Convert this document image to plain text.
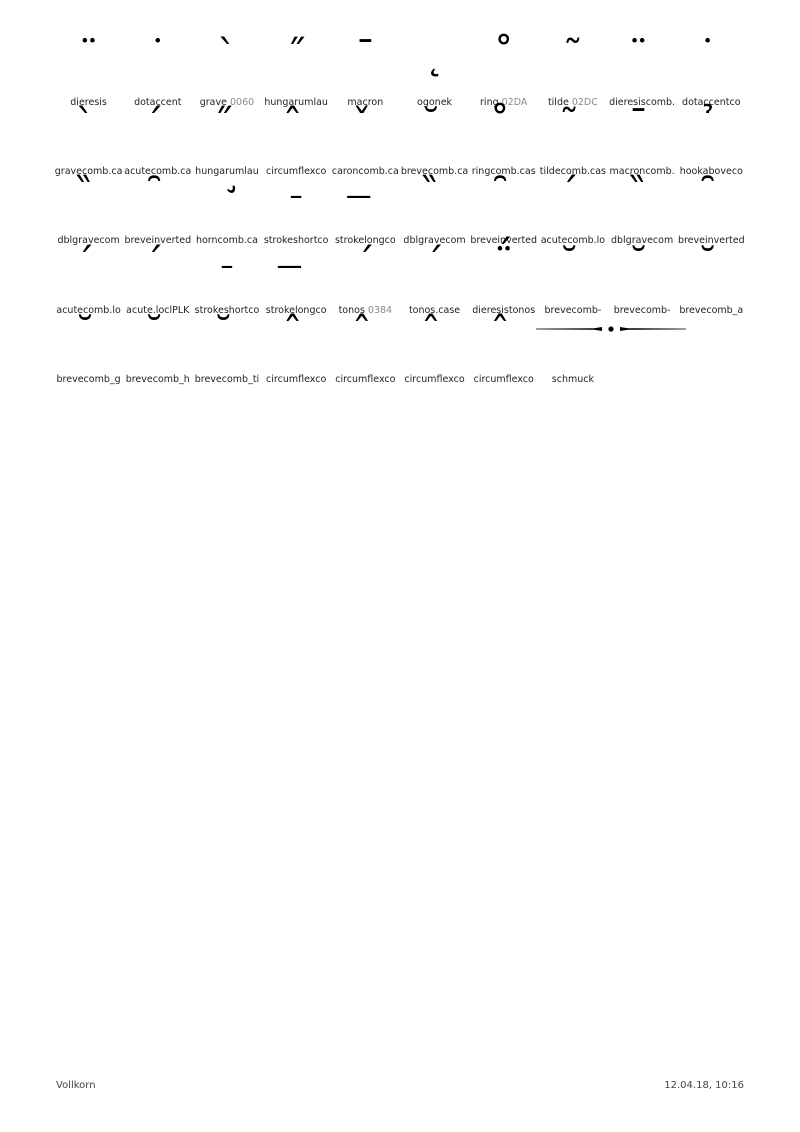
¨
dieresis
˙
dotaccent
`
grave 0060
˝
hungarumlau
¯
macron
˛
ogonek
˚
ring 02DA
˜
tilde 02DC
̈
dieresiscomb.
̇
dotaccentco
̀
gravecomb.ca
́
acutecomb.ca
̋
hungarumlau
̂
circumflexco
̌
caroncomb.ca
̆
brevecomb.ca
̊
ringcomb.cas
̃
tildecomb.cas
̄
macroncomb.
̉
hookaboveco
̏
dblgravecom
̑
breveinverted
̛
horncomb.ca
̵
strokeshortco
̶
strokelongco
̏
dblgravecom
̑
breveinverted
́
acutecomb.lo
̏
dblgravecom
̑
breveinverted
́
acutecomb.lo
́
acute.loclPLK
̵
strokeshortco
̶
strokelongco
΄
tonos 0384
΄
tonos.case
΅
dieresistonos
̆
brevecomb-
̆
brevecomb-
̆
brevecomb_a
̆
brevecomb_g
̆
brevecomb_h
̆
brevecomb_ti
̂
circumflexco
̂
circumflexco
̂
circumflexco
̂
circumflexco	schmuck
Vollkorn	12.04.18, 10:16
